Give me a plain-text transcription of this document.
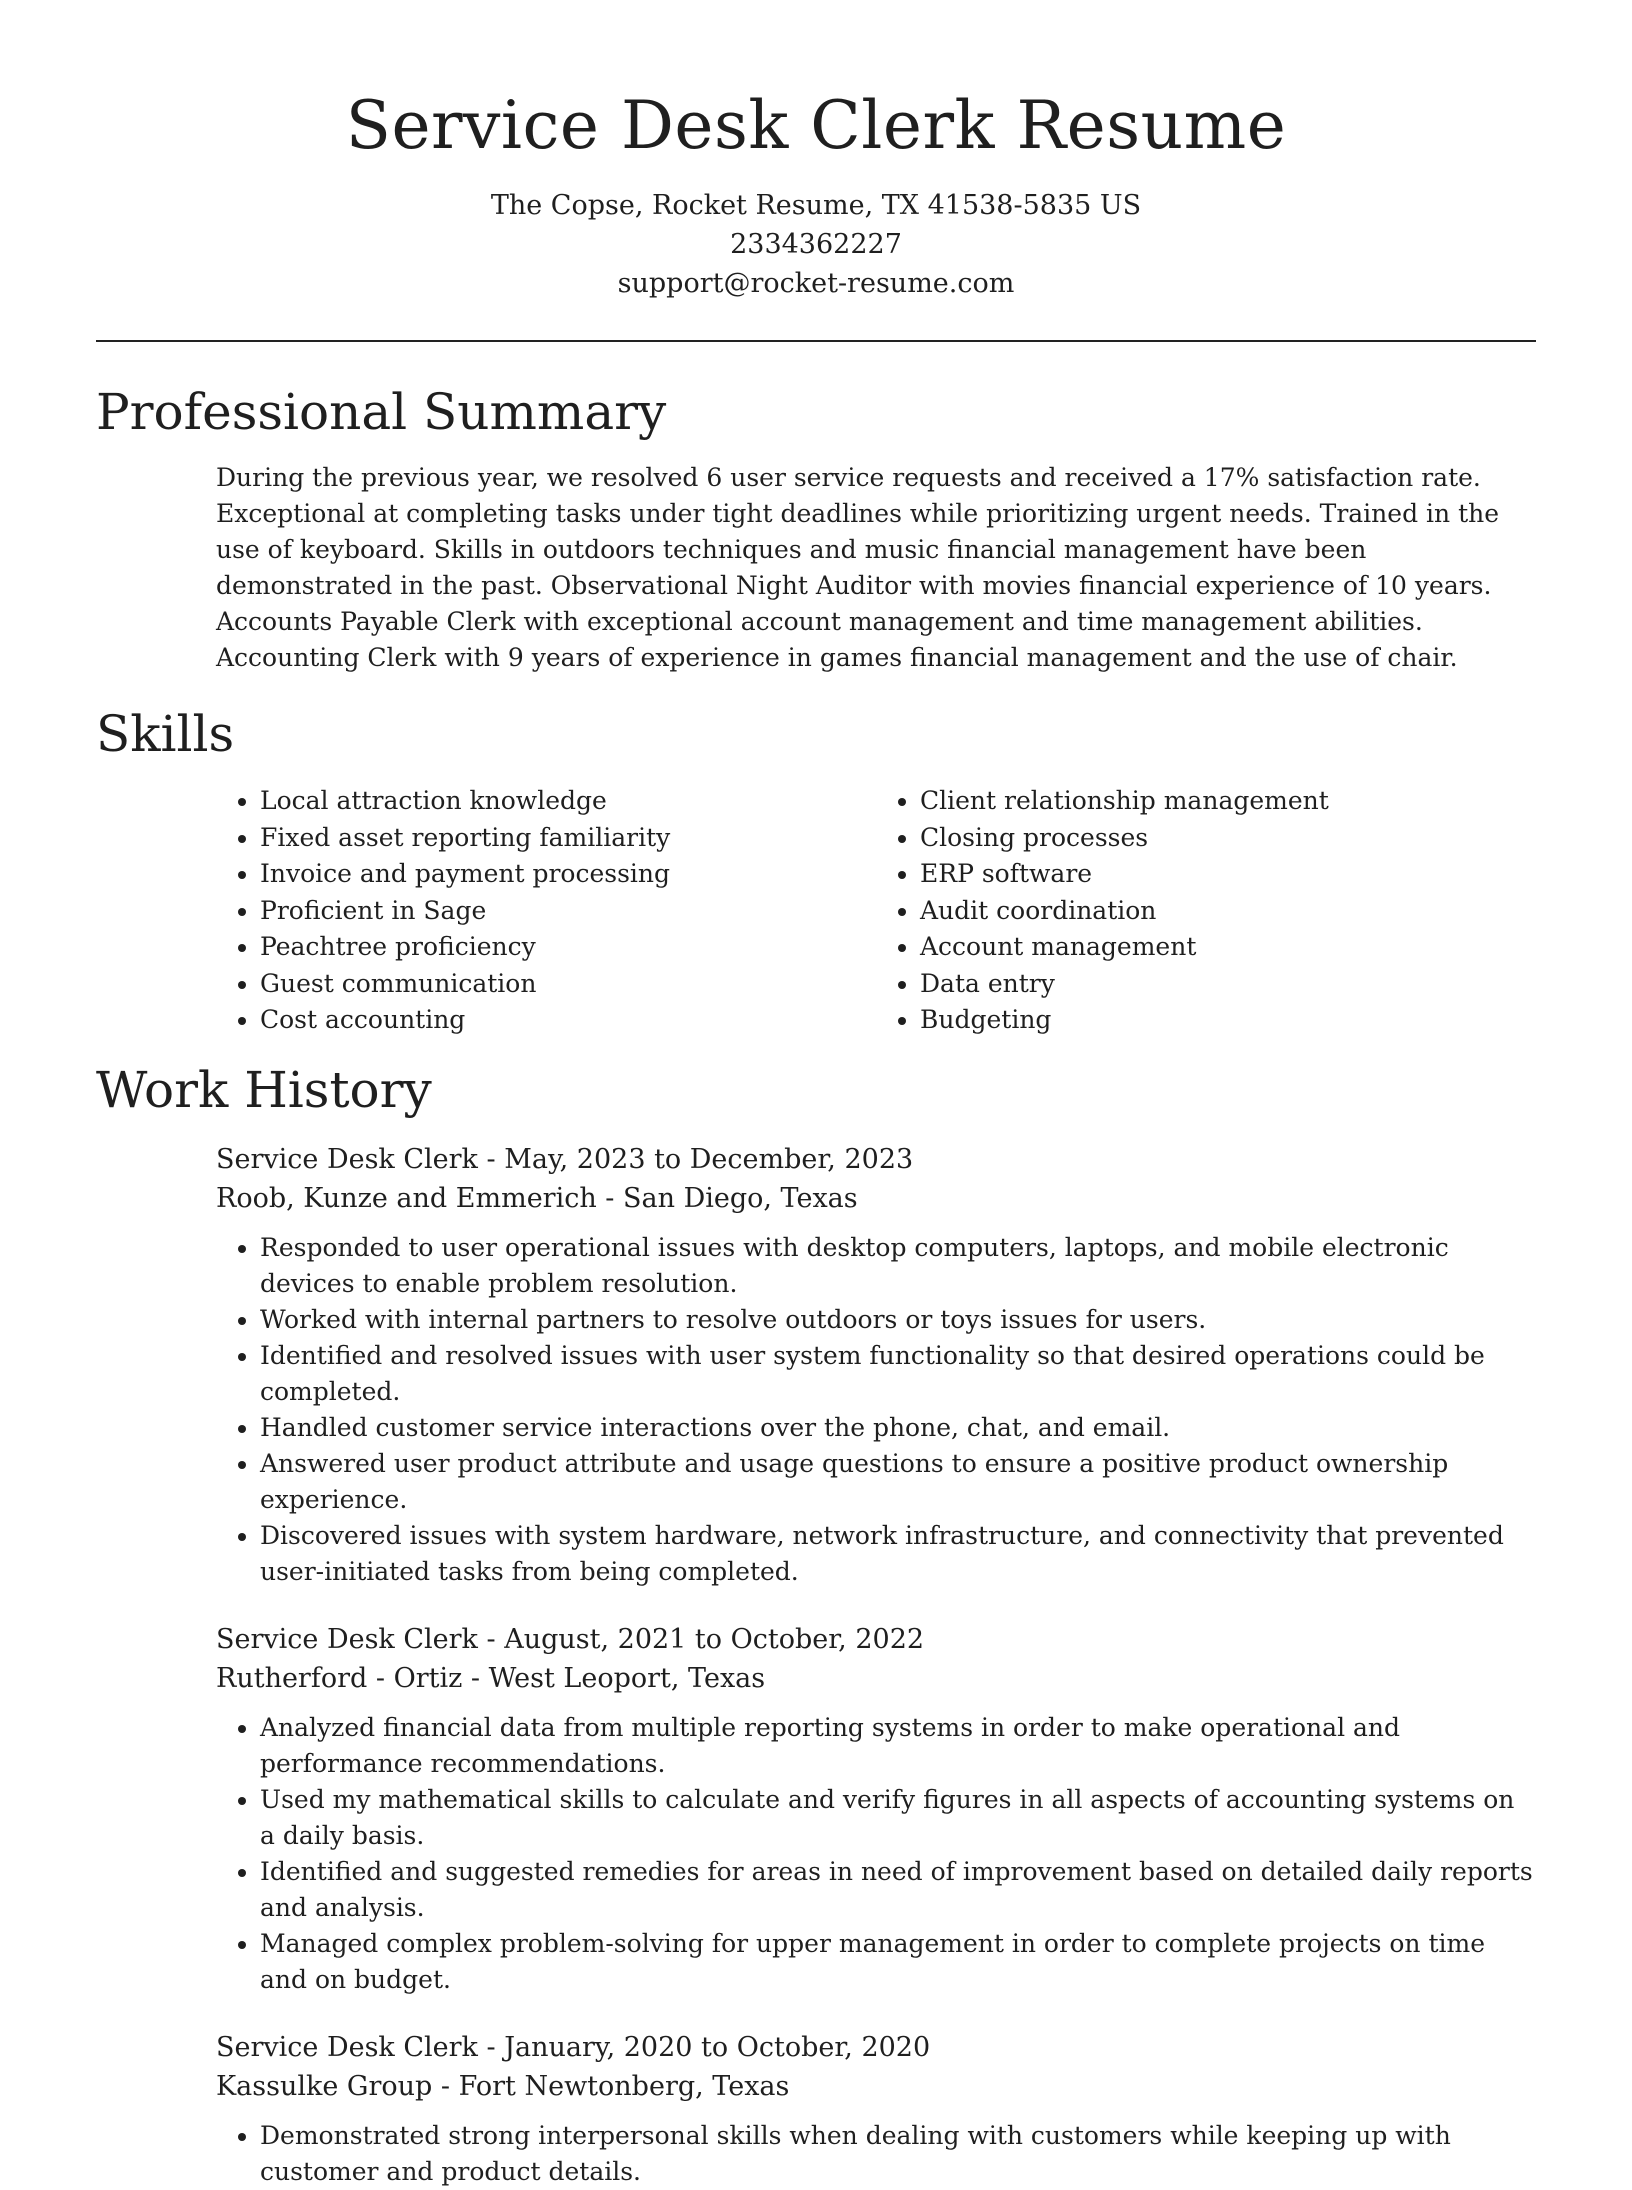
Service Desk Clerk Resume
The Copse, Rocket Resume, TX 41538-5835 US
2334362227
support@rocket-resume.com
Professional Summary

During the previous year, we resolved 6 user service requests and received a 17% satisfaction rate. Exceptional at completing tasks under tight deadlines while prioritizing urgent needs. Trained in the use of keyboard. Skills in outdoors techniques and music financial management have been demonstrated in the past. Observational Night Auditor with movies financial experience of 10 years. Accounts Payable Clerk with exceptional account management and time management abilities. Accounting Clerk with 9 years of experience in games financial management and the use of chair.

Skills
• Local attraction knowledge
• Fixed asset reporting familiarity
• Invoice and payment processing
• Proficient in Sage
• Peachtree proficiency
• Guest communication
• Cost accounting
• Client relationship management
• Closing processes
• ERP software
• Audit coordination
• Account management
• Data entry
• Budgeting
Work History
Service Desk Clerk - May, 2023 to December, 2023
Roob, Kunze and Emmerich - San Diego, Texas
• Responded to user operational issues with desktop computers, laptops, and mobile electronic devices to enable problem resolution.
• Worked with internal partners to resolve outdoors or toys issues for users.
• Identified and resolved issues with user system functionality so that desired operations could be completed.
• Handled customer service interactions over the phone, chat, and email.
• Answered user product attribute and usage questions to ensure a positive product ownership experience.
• Discovered issues with system hardware, network infrastructure, and connectivity that prevented user-initiated tasks from being completed.
Service Desk Clerk - August, 2021 to October, 2022
Rutherford - Ortiz - West Leoport, Texas
• Analyzed financial data from multiple reporting systems in order to make operational and performance recommendations.
• Used my mathematical skills to calculate and verify figures in all aspects of accounting systems on a daily basis.
• Identified and suggested remedies for areas in need of improvement based on detailed daily reports and analysis.
• Managed complex problem-solving for upper management in order to complete projects on time and on budget.
Service Desk Clerk - January, 2020 to October, 2020
Kassulke Group - Fort Newtonberg, Texas
• Demonstrated strong interpersonal skills when dealing with customers while keeping up with customer and product details.
